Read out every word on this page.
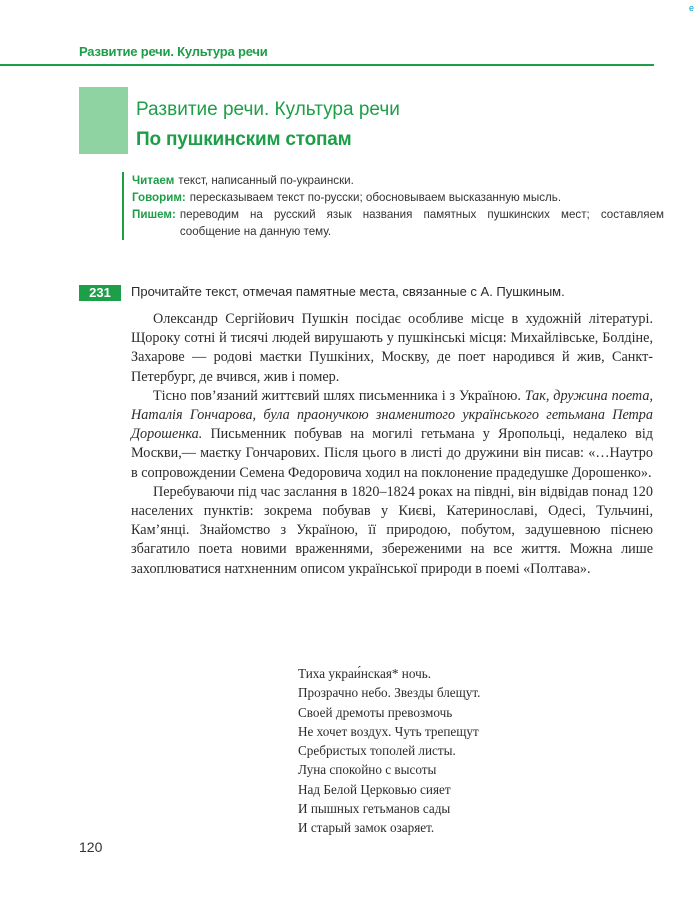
e
Развитие речи. Культура речи
Развитие речи. Культура речи
По пушкинским стопам
Читаем текст, написанный по-украински.
Говорим: пересказываем текст по-русски; обосновываем высказанную мысль.
Пишем: переводим на русский язык названия памятных пушкинских мест; составляем сообщение на данную тему.
231	Прочитайте текст, отмечая памятные места, связанные с А. Пушкиным.

Олександр Сергійович Пушкін посідає особливе місце в художній літературі. Щороку сотні й тисячі людей вирушають у пушкінські місця: Михайлівське, Болдіне, Захарове — родові маєтки Пушкіних, Москву, де поет народився й жив, Санкт-Петербург, де вчився, жив і помер.

Тісно пов’язаний життєвий шлях письменника і з Україною. Так, дружина поета, Наталія Гончарова, була праонучкою знаменитого українського гетьмана Петра Дорошенка. Письменник побував на могилі гетьмана у Яропольці, недалеко від Москви,— маєтку Гончарових. Після цього в листі до дружини він писав: «…Наутро в сопровождении Семена Федоровича ходил на поклонение прадедушке Дорошенко».

Перебуваючи під час заслання в 1820–1824 роках на півдні, він відвідав понад 120 населених пунктів: зокрема побував у Києві, Катеринославі, Одесі, Тульчині, Кам’янці. Знайомство з Україною, її природою, побутом, задушевною піснею збагатило поета новими враженнями, збереженими на все життя. Можна лише захоплюватися натхненним описом української природи в поемі «Полтава».

Тиха украи́нская* ночь.
Прозрачно небо. Звезды блещут.
Своей дремоты превозмочь
Не хочет воздух. Чуть трепещут
Сребристых тополей листы.
Луна спокойно с высоты
Над Белой Церковью сияет
И пышных гетьманов сады
И старый замок озаряет.
120
